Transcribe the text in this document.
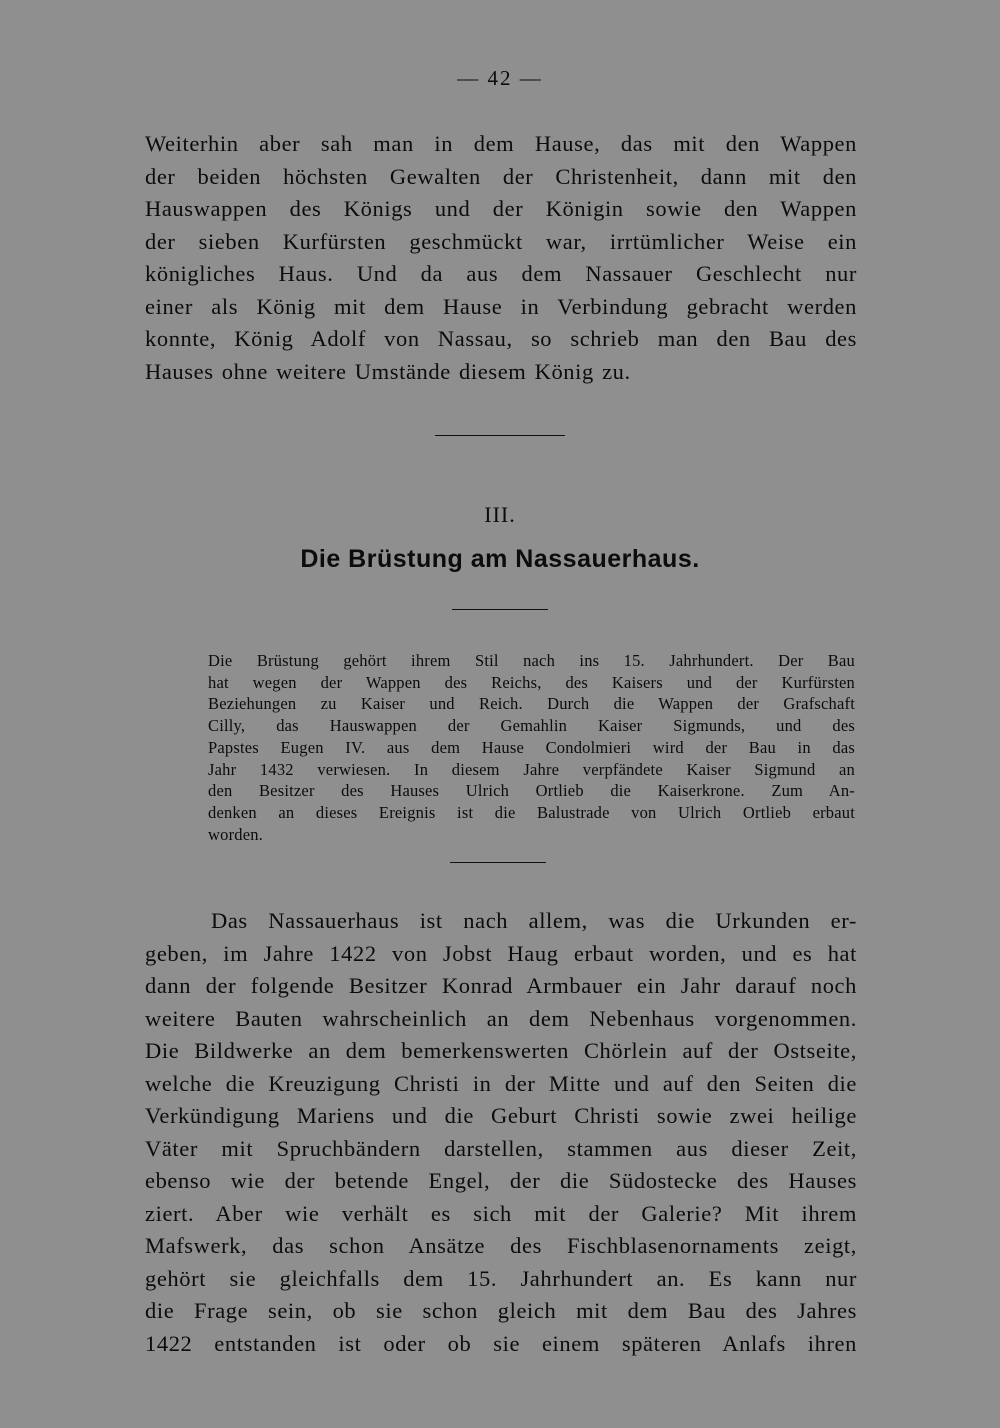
— 42 —

Weiterhin aber sah man in dem Hause, das mit den Wappen
der beiden höchsten Gewalten der Christenheit, dann mit den
Hauswappen des Königs und der Königin sowie den Wappen
der sieben Kurfürsten geschmückt war, irrtümlicher Weise ein
königliches Haus. Und da aus dem Nassauer Geschlecht nur
einer als König mit dem Hause in Verbindung gebracht werden
konnte, König Adolf von Nassau, so schrieb man den Bau des
Hauses ohne weitere Umstände diesem König zu.

III.
Die Brüstung am Nassauerhaus.

Die Brüstung gehört ihrem Stil nach ins 15. Jahrhundert. Der Bau
hat wegen der Wappen des Reichs, des Kaisers und der Kurfürsten
Beziehungen zu Kaiser und Reich. Durch die Wappen der Grafschaft
Cilly, das Hauswappen der Gemahlin Kaiser Sigmunds, und des
Papstes Eugen IV. aus dem Hause Condolmieri wird der Bau in das
Jahr 1432 verwiesen. In diesem Jahre verpfändete Kaiser Sigmund an
den Besitzer des Hauses Ulrich Ortlieb die Kaiserkrone. Zum An-
denken an dieses Ereignis ist die Balustrade von Ulrich Ortlieb erbaut
worden.

Das Nassauerhaus ist nach allem, was die Urkunden er-
geben, im Jahre 1422 von Jobst Haug erbaut worden, und es hat
dann der folgende Besitzer Konrad Armbauer ein Jahr darauf noch
weitere Bauten wahrscheinlich an dem Nebenhaus vorgenommen.
Die Bildwerke an dem bemerkenswerten Chörlein auf der Ostseite,
welche die Kreuzigung Christi in der Mitte und auf den Seiten die
Verkündigung Mariens und die Geburt Christi sowie zwei heilige
Väter mit Spruchbändern darstellen, stammen aus dieser Zeit,
ebenso wie der betende Engel, der die Südostecke des Hauses
ziert. Aber wie verhält es sich mit der Galerie? Mit ihrem
Mafswerk, das schon Ansätze des Fischblasenornaments zeigt,
gehört sie gleichfalls dem 15. Jahrhundert an. Es kann nur
die Frage sein, ob sie schon gleich mit dem Bau des Jahres
1422 entstanden ist oder ob sie einem späteren Anlafs ihren
